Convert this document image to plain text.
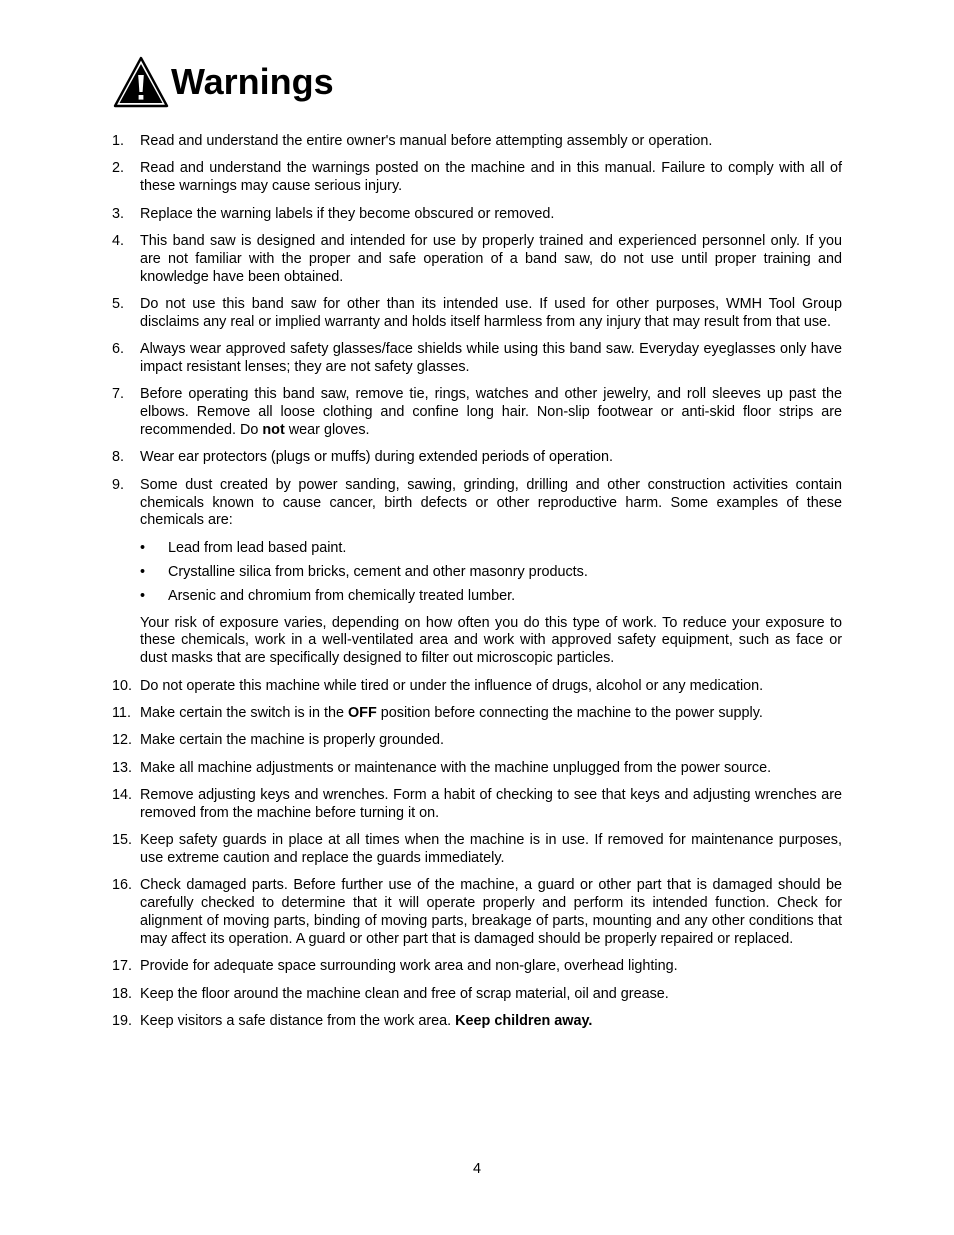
Warnings
1. Read and understand the entire owner's manual before attempting assembly or operation.
2. Read and understand the warnings posted on the machine and in this manual. Failure to comply with all of these warnings may cause serious injury.
3. Replace the warning labels if they become obscured or removed.
4. This band saw is designed and intended for use by properly trained and experienced personnel only. If you are not familiar with the proper and safe operation of a band saw, do not use until proper training and knowledge have been obtained.
5. Do not use this band saw for other than its intended use. If used for other purposes, WMH Tool Group disclaims any real or implied warranty and holds itself harmless from any injury that may result from that use.
6. Always wear approved safety glasses/face shields while using this band saw. Everyday eyeglasses only have impact resistant lenses; they are not safety glasses.
7. Before operating this band saw, remove tie, rings, watches and other jewelry, and roll sleeves up past the elbows. Remove all loose clothing and confine long hair. Non-slip footwear or anti-skid floor strips are recommended. Do not wear gloves.
8. Wear ear protectors (plugs or muffs) during extended periods of operation.
9. Some dust created by power sanding, sawing, grinding, drilling and other construction activities contain chemicals known to cause cancer, birth defects or other reproductive harm. Some examples of these chemicals are:
• Lead from lead based paint.
• Crystalline silica from bricks, cement and other masonry products.
• Arsenic and chromium from chemically treated lumber.
Your risk of exposure varies, depending on how often you do this type of work. To reduce your exposure to these chemicals, work in a well-ventilated area and work with approved safety equipment, such as face or dust masks that are specifically designed to filter out microscopic particles.
10. Do not operate this machine while tired or under the influence of drugs, alcohol or any medication.
11. Make certain the switch is in the OFF position before connecting the machine to the power supply.
12. Make certain the machine is properly grounded.
13. Make all machine adjustments or maintenance with the machine unplugged from the power source.
14. Remove adjusting keys and wrenches. Form a habit of checking to see that keys and adjusting wrenches are removed from the machine before turning it on.
15. Keep safety guards in place at all times when the machine is in use. If removed for maintenance purposes, use extreme caution and replace the guards immediately.
16. Check damaged parts. Before further use of the machine, a guard or other part that is damaged should be carefully checked to determine that it will operate properly and perform its intended function. Check for alignment of moving parts, binding of moving parts, breakage of parts, mounting and any other conditions that may affect its operation. A guard or other part that is damaged should be properly repaired or replaced.
17. Provide for adequate space surrounding work area and non-glare, overhead lighting.
18. Keep the floor around the machine clean and free of scrap material, oil and grease.
19. Keep visitors a safe distance from the work area. Keep children away.
4
